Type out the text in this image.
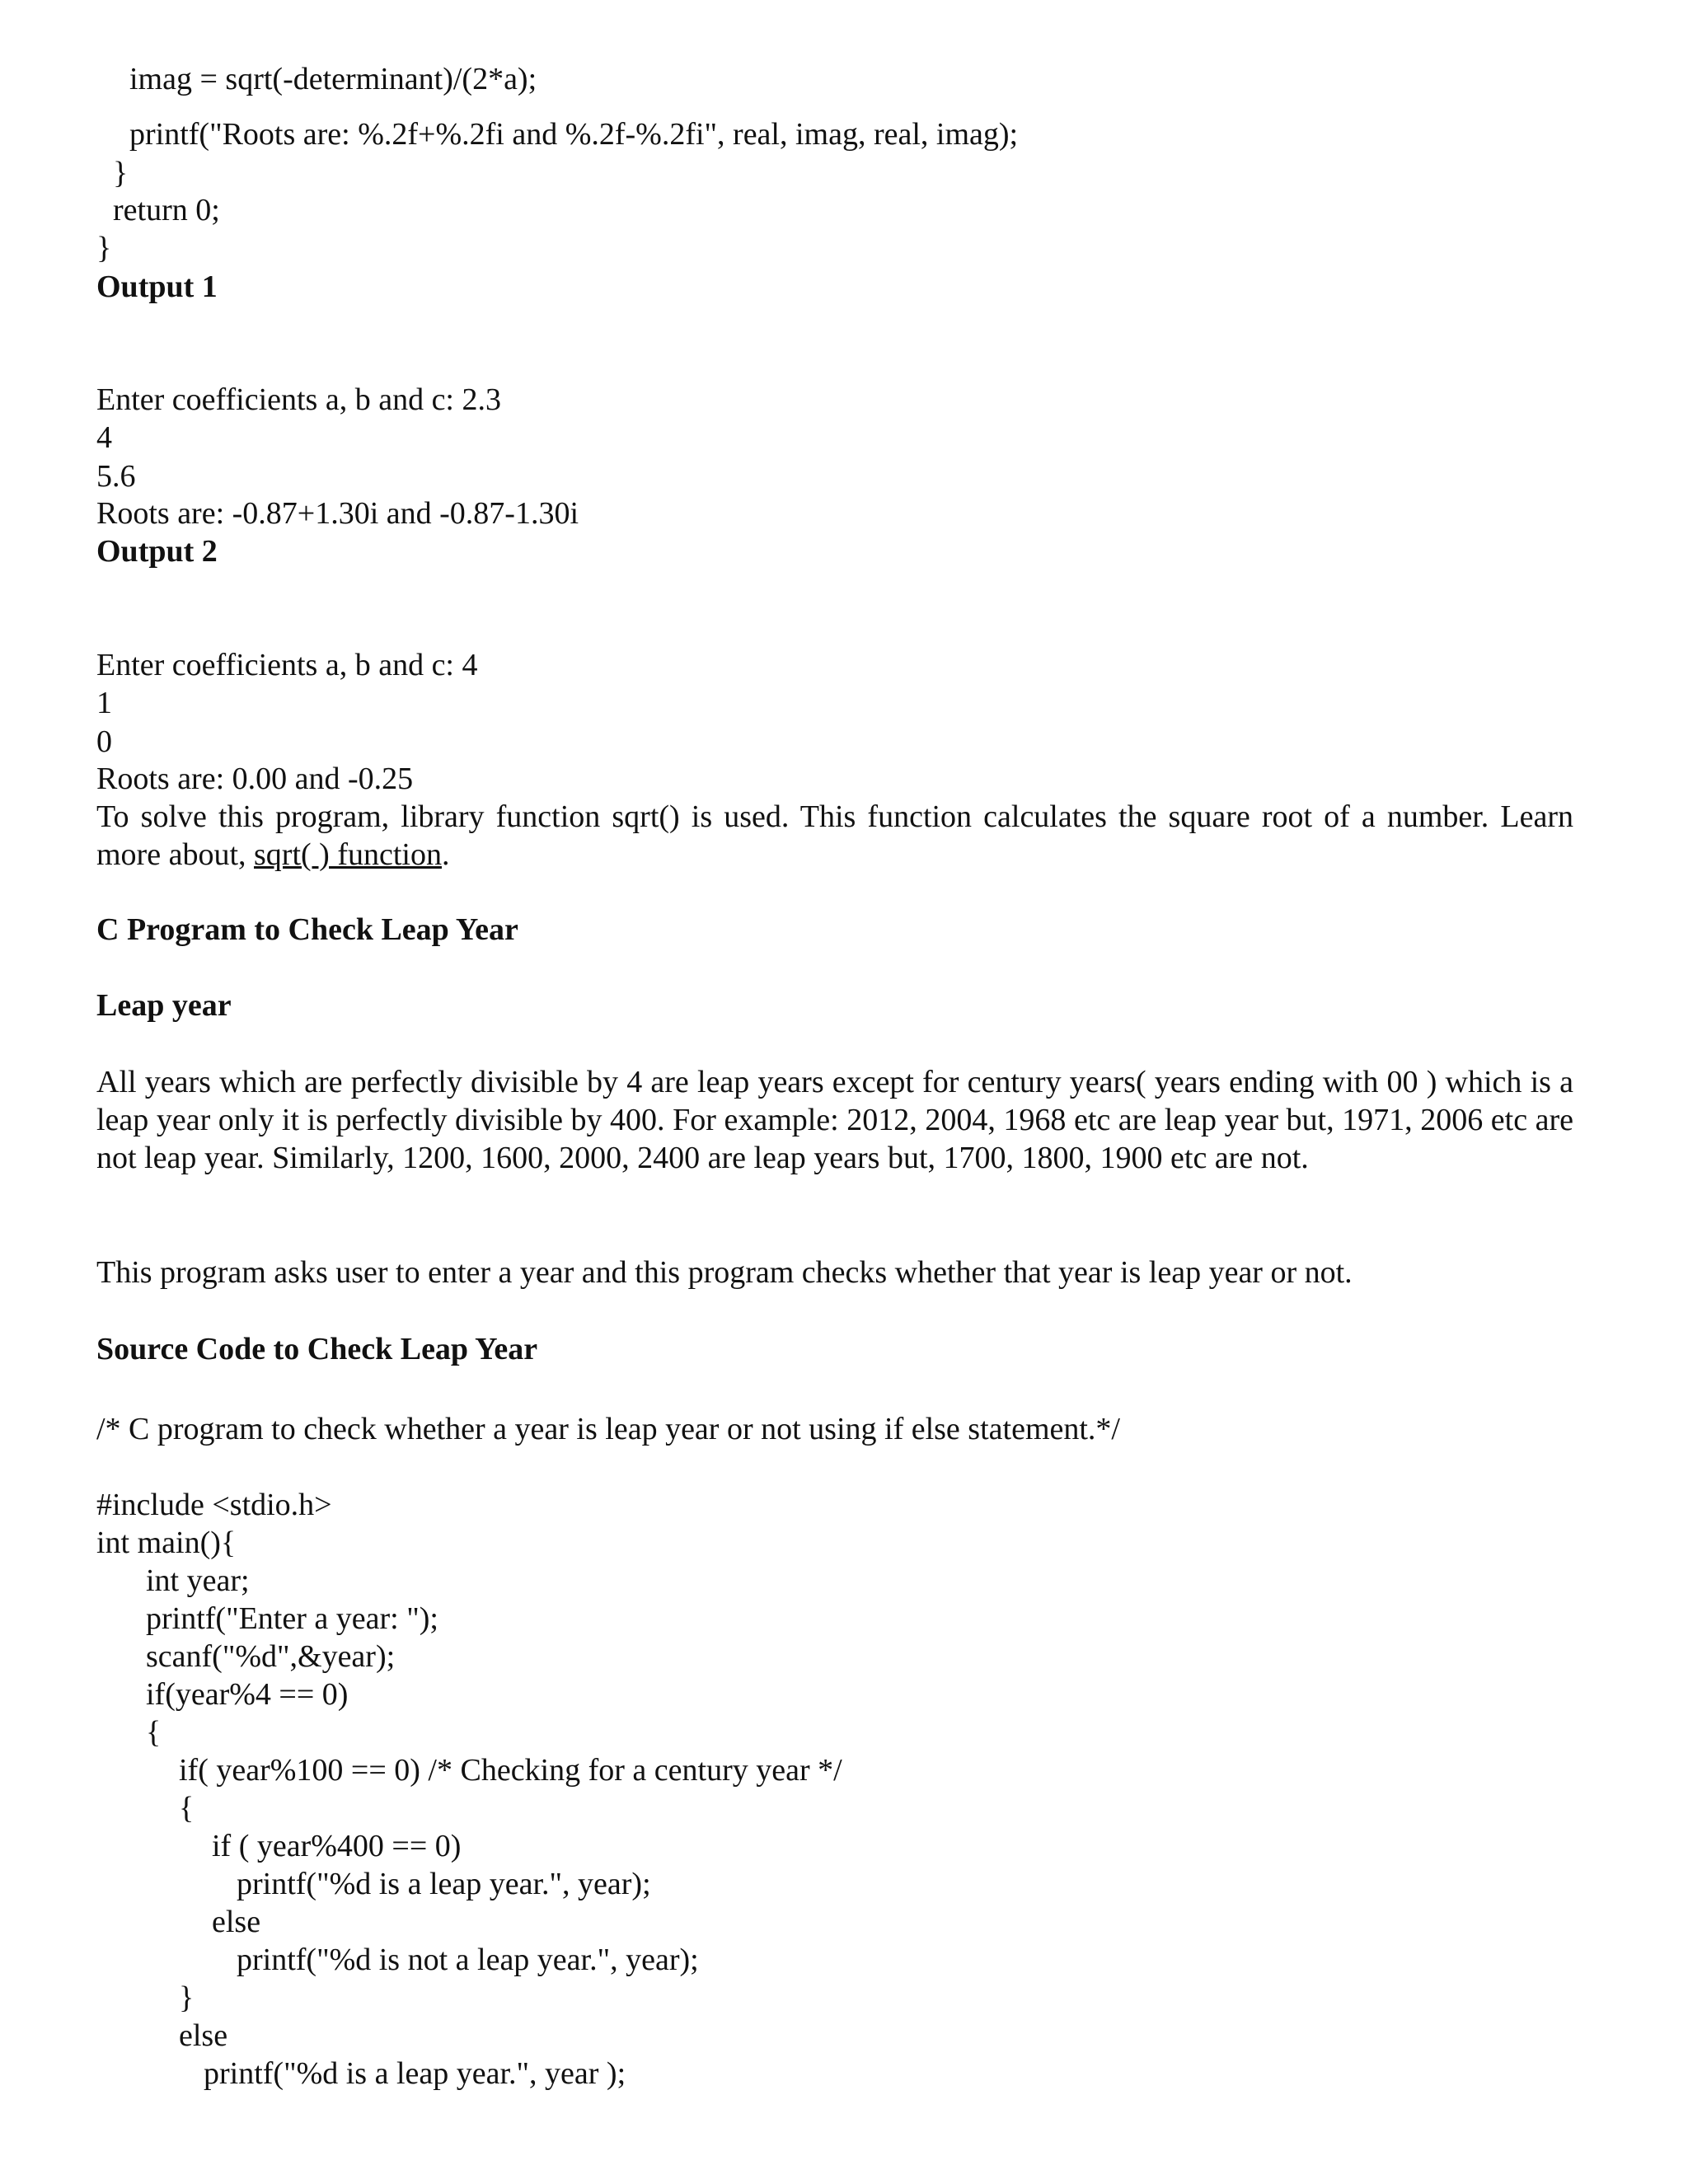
imag = sqrt(-determinant)/(2*a);

printf("Roots are: %.2f+%.2fi and %.2f-%.2fi", real, imag, real, imag);

}

return 0;

}

Output 1

Enter coefficients a, b and c: 2.3

4

5.6

Roots are: -0.87+1.30i and -0.87-1.30i

Output 2

Enter coefficients a, b and c: 4

1

0

Roots are: 0.00 and -0.25

To solve this program, library function sqrt() is used. This function calculates the square root of a number. Learn more about, sqrt( ) function.

C Program to Check Leap Year

Leap year

All years which are perfectly divisible by 4 are leap years except for century years( years ending with 00 ) which is a leap year only it is perfectly divisible by 400. For example: 2012, 2004, 1968 etc are leap year but, 1971, 2006 etc are not leap year. Similarly, 1200, 1600, 2000, 2400 are leap years but, 1700, 1800, 1900 etc are not.

This program asks user to enter a year and this program checks whether that year is leap year or not.

Source Code to Check Leap Year

/* C program to check whether a year is leap year or not using if else statement.*/

#include <stdio.h>

int main(){

int year;

printf("Enter a year: ");

scanf("%d",&year);

if(year%4 == 0)

{

if( year%100 == 0) /* Checking for a century year */

{

if ( year%400 == 0)

printf("%d is a leap year.", year);

else

printf("%d is not a leap year.", year);

}

else

printf("%d is a leap year.", year );
